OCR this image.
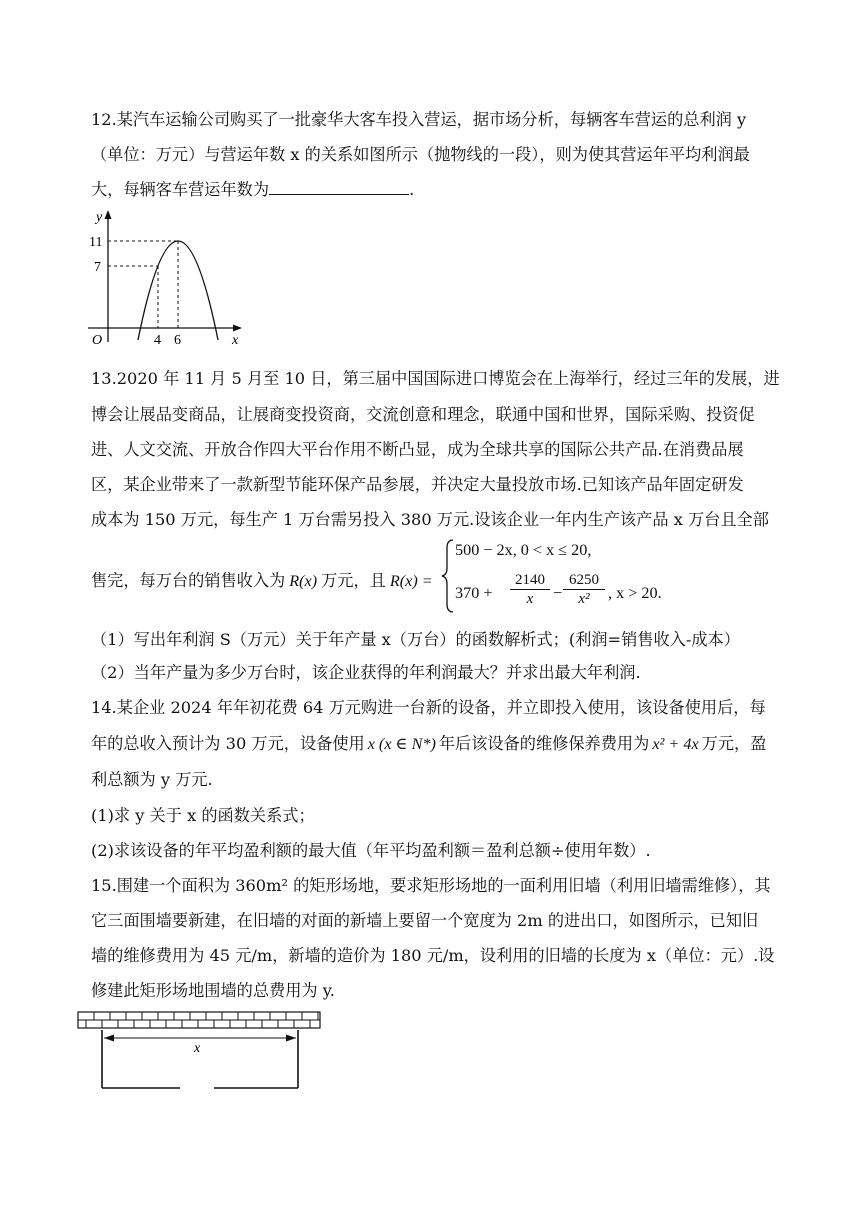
12.某汽车运输公司购买了一批豪华大客车投入营运，据市场分析，每辆客车营运的总利润 y
（单位：万元）与营运年数 x 的关系如图所示（抛物线的一段），则为使其营运年平均利润最
大，每辆客车营运年数为	.
y
x
O
11
7
4 6
13.2020 年 11 月 5 月至 10 日，第三届中国国际进口博览会在上海举行，经过三年的发展，进
博会让展品变商品，让展商变投资商，交流创意和理念，联通中国和世界，国际采购、投资促
进、人文交流、开放合作四大平台作用不断凸显，成为全球共享的国际公共产品.在消费品展
区，某企业带来了一款新型节能环保产品参展，并决定大量投放市场.已知该产品年固定研发
成本为 150 万元，每生产 1 万台需另投入 380 万元.设该企业一年内生产该产品 x 万台且全部
售完，每万台的销售收入为 R(x) 万元，且 R(x) =
500 − 2x, 0 < x ≤ 20,
370 +
2140
x	−
6250
x²	, x > 20.
（1）写出年利润 S（万元）关于年产量 x（万台）的函数解析式；(利润=销售收入-成本）
（2）当年产量为多少万台时，该企业获得的年利润最大？并求出最大年利润.
14.某企业 2024 年年初花费 64 万元购进一台新的设备，并立即投入使用，该设备使用后，每
年的总收入预计为 30 万元，设备使用 x (x ∈ N*) 年后该设备的维修保养费用为 x² + 4x 万元，盈
利总额为 y 万元.
(1)求 y 关于 x 的函数关系式；
(2)求该设备的年平均盈利额的最大值（年平均盈利额＝盈利总额÷使用年数）.
15.围建一个面积为 360m² 的矩形场地，要求矩形场地的一面利用旧墙（利用旧墙需维修），其
它三面围墙要新建，在旧墙的对面的新墙上要留一个宽度为 2m 的进出口，如图所示，已知旧
墙的维修费用为 45 元/m，新墙的造价为 180 元/m，设利用的旧墙的长度为 x（单位：元）.设
修建此矩形场地围墙的总费用为 y.
x
